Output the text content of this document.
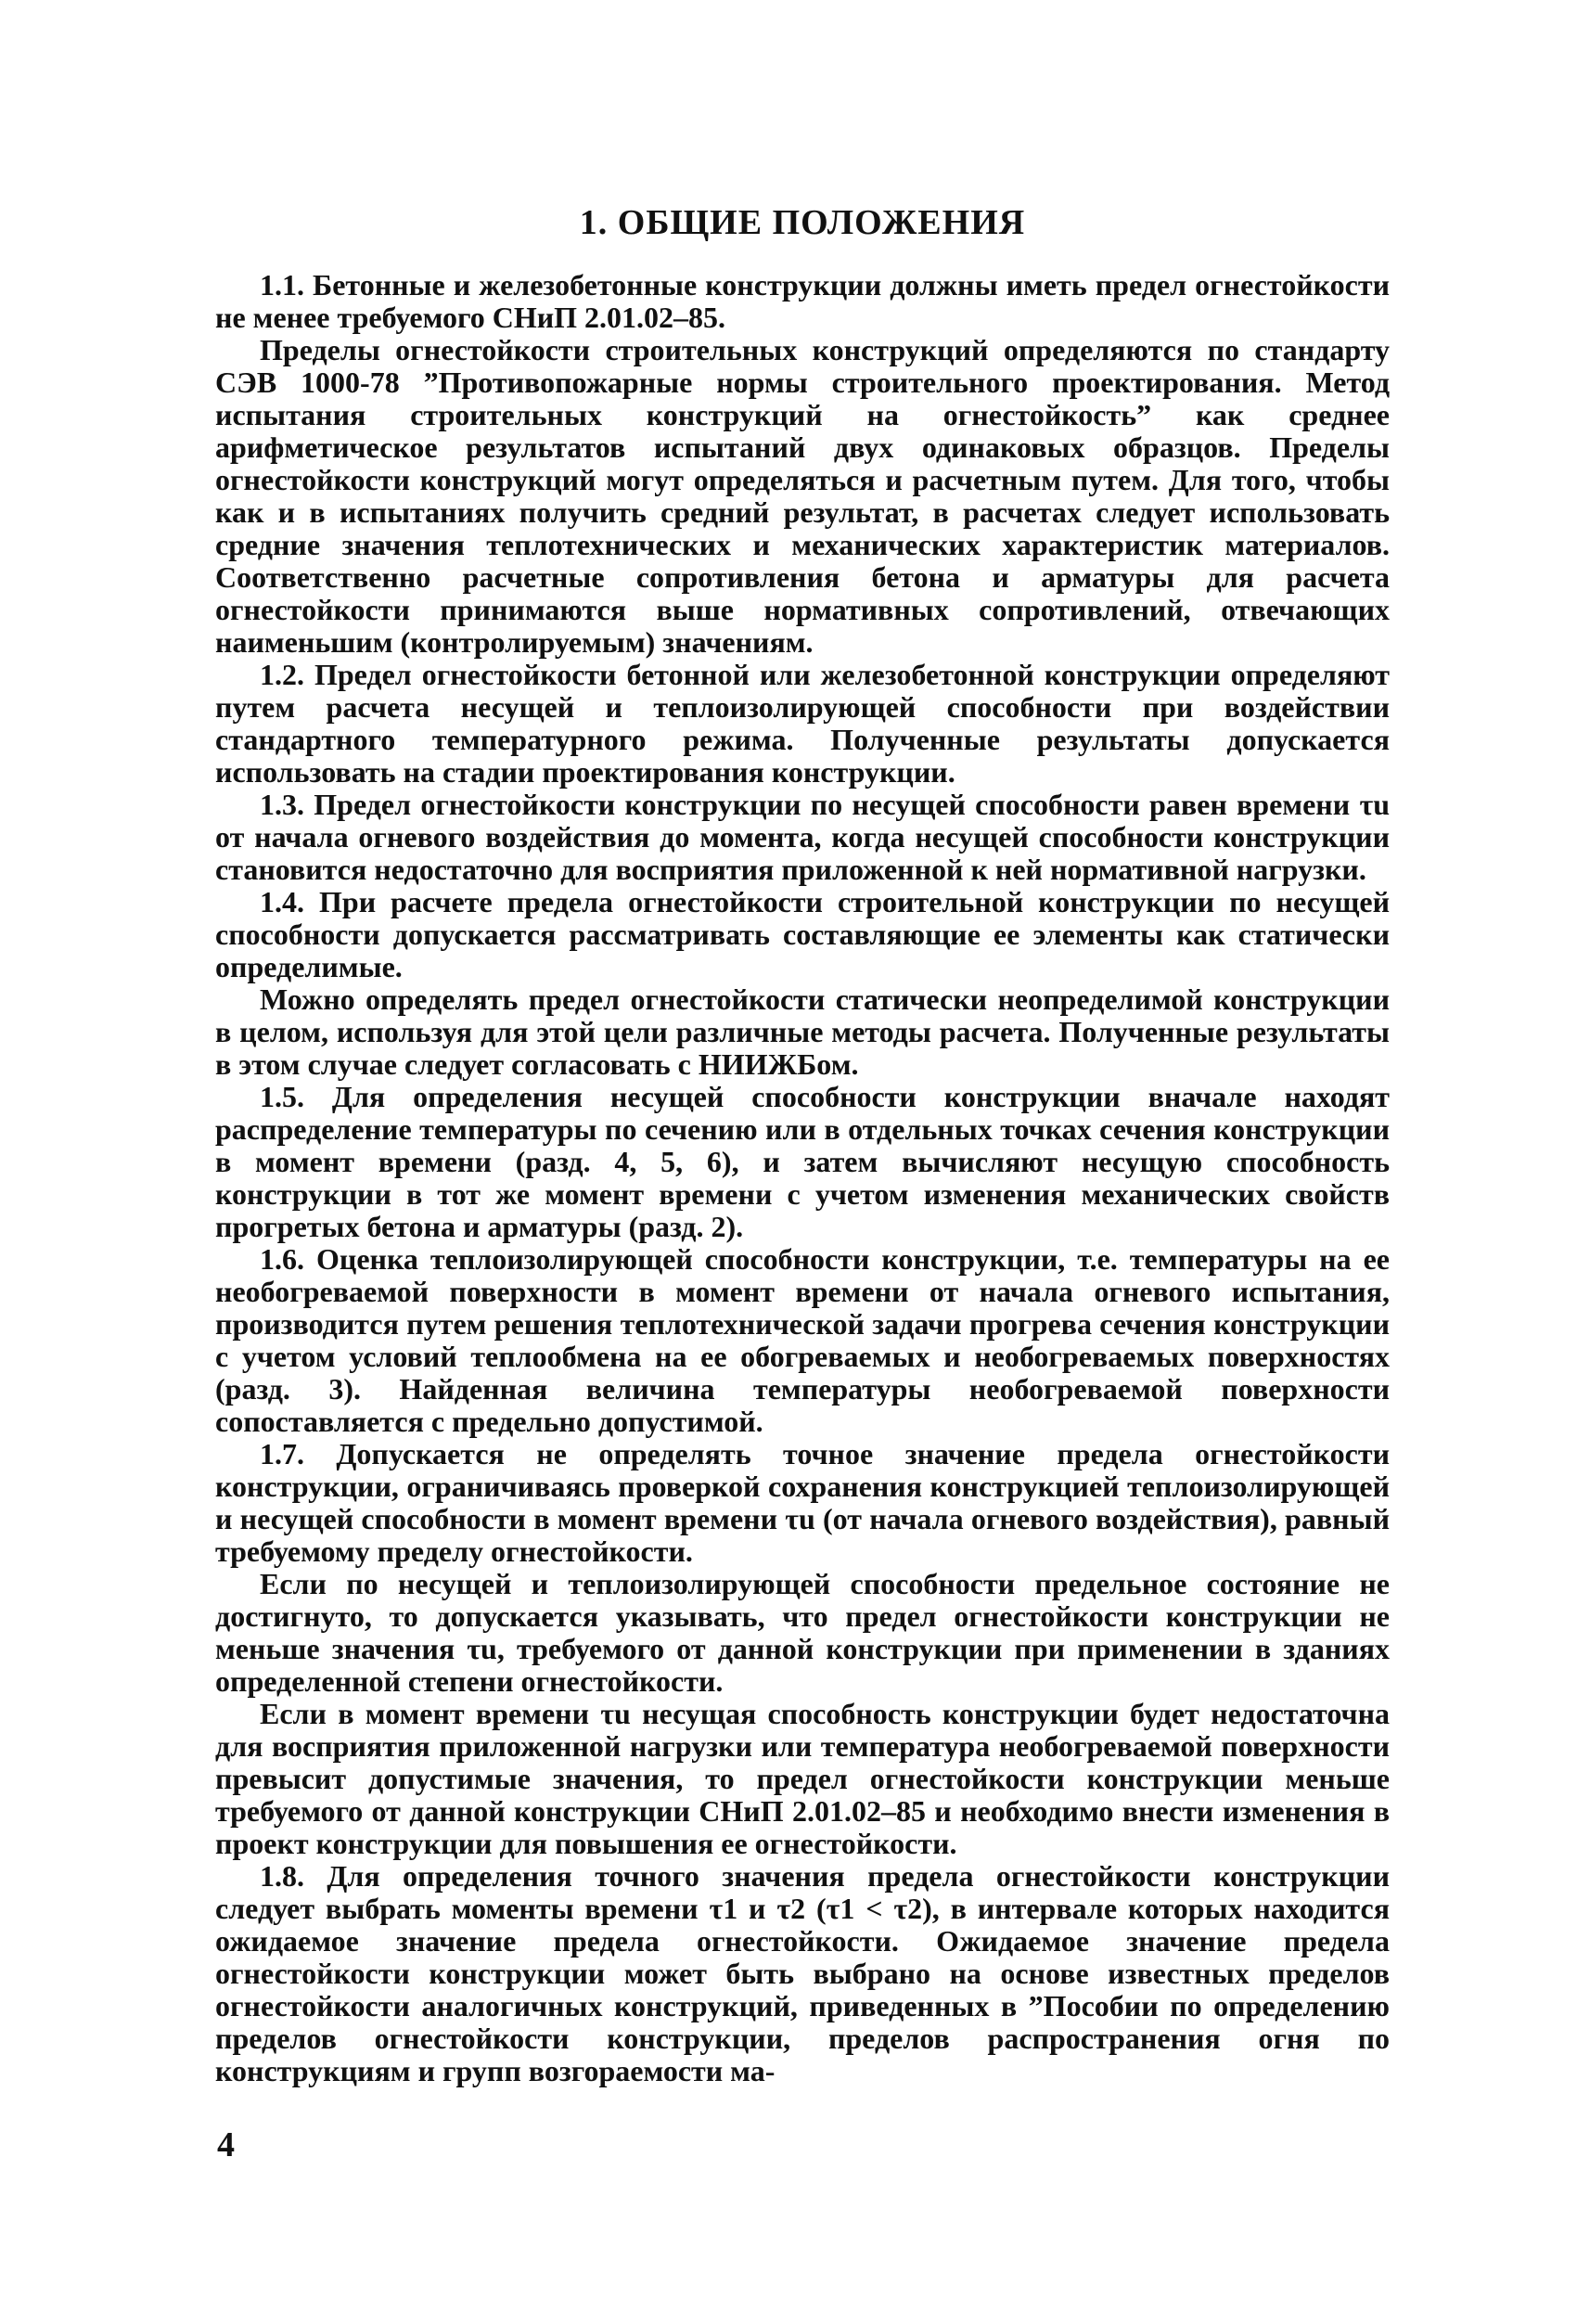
1. ОБЩИЕ ПОЛОЖЕНИЯ

1.1. Бетонные и железобетонные конструкции должны иметь предел огнестойкости не менее требуемого СНиП 2.01.02–85.

Пределы огнестойкости строительных конструкций определяются по стандарту СЭВ 1000-78 ”Противопожарные нормы строительного проектирования. Метод испытания строительных конструкций на огнестойкость” как среднее арифметическое результатов испытаний двух одинаковых образцов. Пределы огнестойкости конструкций могут определяться и расчетным путем. Для того, чтобы как и в испытаниях получить средний результат, в расчетах следует использовать средние значения теплотехнических и механических характеристик материалов. Соответственно расчетные сопротивления бетона и арматуры для расчета огнестойкости принимаются выше нормативных сопротивлений, отвечающих наименьшим (контролируемым) значениям.

1.2. Предел огнестойкости бетонной или железобетонной конструкции определяют путем расчета несущей и теплоизолирующей способности при воздействии стандартного температурного режима. Полученные результаты допускается использовать на стадии проектирования конструкции.

1.3. Предел огнестойкости конструкции по несущей способности равен времени τu от начала огневого воздействия до момента, когда несущей способности конструкции становится недостаточно для восприятия приложенной к ней нормативной нагрузки.

1.4. При расчете предела огнестойкости строительной конструкции по несущей способности допускается рассматривать составляющие ее элементы как статически определимые.

Можно определять предел огнестойкости статически неопределимой конструкции в целом, используя для этой цели различные методы расчета. Полученные результаты в этом случае следует согласовать с НИИЖБом.

1.5. Для определения несущей способности конструкции вначале находят распределение температуры по сечению или в отдельных точках сечения конструкции в момент времени (разд. 4, 5, 6), и затем вычисляют несущую способность конструкции в тот же момент времени с учетом изменения механических свойств прогретых бетона и арматуры (разд. 2).

1.6. Оценка теплоизолирующей способности конструкции, т.е. температуры на ее необогреваемой поверхности в момент времени от начала огневого испытания, производится путем решения теплотехнической задачи прогрева сечения конструкции с учетом условий теплообмена на ее обогреваемых и необогреваемых поверхностях (разд. 3). Найденная величина температуры необогреваемой поверхности сопоставляется с предельно допустимой.

1.7. Допускается не определять точное значение предела огнестойкости конструкции, ограничиваясь проверкой сохранения конструкцией теплоизолирующей и несущей способности в момент времени τu (от начала огневого воздействия), равный требуемому пределу огнестойкости.

Если по несущей и теплоизолирующей способности предельное состояние не достигнуто, то допускается указывать, что предел огнестойкости конструкции не меньше значения τu, требуемого от данной конструкции при применении в зданиях определенной степени огнестойкости.

Если в момент времени τu несущая способность конструкции будет недостаточна для восприятия приложенной нагрузки или температура необогреваемой поверхности превысит допустимые значения, то предел огнестойкости конструкции меньше требуемого от данной конструкции СНиП 2.01.02–85 и необходимо внести изменения в проект конструкции для повышения ее огнестойкости.

1.8. Для определения точного значения предела огнестойкости конструкции следует выбрать моменты времени τ1 и τ2 (τ1 < τ2), в интервале которых находится ожидаемое значение предела огнестойкости. Ожидаемое значение предела огнестойкости конструкции может быть выбрано на основе известных пределов огнестойкости аналогичных конструкций, приведенных в ”Пособии по определению пределов огнестойкости конструкции, пределов распространения огня по конструкциям и групп возгораемости ма-

4
